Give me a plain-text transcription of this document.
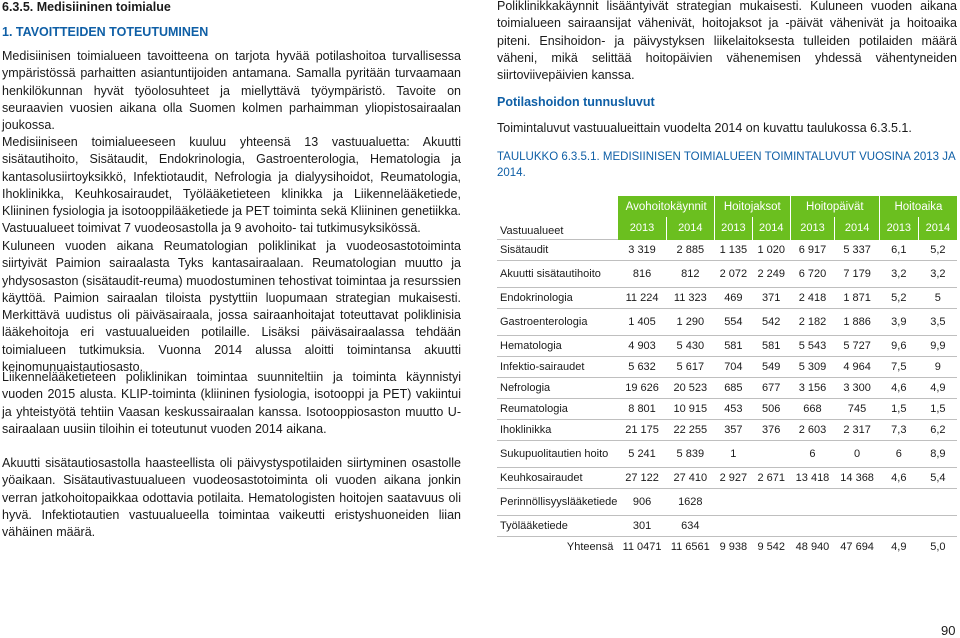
6.3.5. Medisiininen toimialue
1. TAVOITTEIDEN TOTEUTUMINEN

Medisiinisen toimialueen tavoitteena on tarjota hyvää potilashoitoa turvallisessa ympäristössä parhaitten asiantuntijoiden antamana. Samalla pyritään turvaamaan henkilökunnan hyvät työolosuhteet ja miellyttävä työympäristö. Tavoite on seuraavien vuosien aikana olla Suomen kolmen parhaimman yliopistosairaalan joukossa.

Medisiiniseen toimialueeseen kuuluu yhteensä 13 vastuualuetta: Akuutti sisätautihoito, Sisätaudit, Endokrinologia, Gastroenterologia, Hematologia ja kantasolusiirtoyksikkö, Infektiotaudit, Nefrologia ja dialyysihoidot, Reumatologia, Ihoklinikka, Keuhkosairaudet, Työlääketieteen klinikka ja Liikennelääketiede, Kliininen fysiologia ja isotooppilääketiede ja PET toiminta sekä Kliininen genetiikka. Vastuualueet toimivat 7 vuodeosastolla ja 9 avohoito- tai tutkimusyksikössä.

Kuluneen vuoden aikana Reumatologian poliklinikat ja vuodeosastotoiminta siirtyivät Paimion sairaalasta Tyks kantasairaalaan. Reumatologian muutto ja yhdysosaston (sisätaudit-reuma) muodostuminen tehostivat toimintaa ja resurssien käyttöä. Paimion sairaalan tiloista pystyttiin luopumaan strategian mukaisesti. Merkittävä uudistus oli päiväsairaala, jossa sairaanhoitajat toteuttavat poliklinisia lääkehoitoja eri vastuualueiden potilaille. Lisäksi päiväsairaalassa tehdään toimialueen tutkimuksia. Vuonna 2014 alussa aloitti toimintansa akuutti keinomunuaistautiosasto.

Liikennelääketieteen poliklinikan toimintaa suunniteltiin ja toiminta käynnistyi vuoden 2015 alusta. KLIP-toiminta (kliininen fysiologia, isotooppi ja PET) vakiintui ja yhteistyötä tehtiin Vaasan keskussairaalan kanssa. Isotooppiosaston muutto U-sairaalaan uusiin tiloihin ei toteutunut vuoden 2014 aikana.

Akuutti sisätautiosastolla haasteellista oli päivystyspotilaiden siirtyminen osastolle yöaikaan. Sisätautivastuualueen vuodeosastotoiminta oli vuoden aikana jonkin verran jatkohoitopaikkaa odottavia potilaita. Hematologisten hoitojen saatavuus oli hyvä. Infektiotautien vastuualueella toimintaa vaikeutti eristyshuoneiden liian vähäinen määrä.

Poliklinikkakäynnit lisääntyivät strategian mukaisesti. Kuluneen vuoden aikana toimialueen sairaansijat vähenivät, hoitojaksot ja -päivät vähenivät ja hoitoaika piteni. Ensihoidon- ja päivystyksen liikelaitoksesta tulleiden potilaiden määrä väheni, mikä selittää hoitopäivien vähenemisen yhdessä vähentyneiden siirtoviivepäivien kanssa.

Potilashoidon tunnusluvut

Toimintaluvut vastuualueittain vuodelta 2014 on kuvattu taulukossa 6.3.5.1.

TAULUKKO 6.3.5.1. MEDISIINISEN TOIMIALUEEN TOIMINTALUVUT VUOSINA 2013 JA 2014.
	Avohoitokäynnit		Hoitojaksot		Hoitopäivät		Hoitoaika	
Vastuualueet	2013	2014	2013	2014	2013	2014	2013	2014
Sisätaudit	3 319	2 885	1 135	1 020	6 917	5 337	6,1	5,2
Akuutti sisätautihoito	816	812	2 072	2 249	6 720	7 179	3,2	3,2
Endokrinologia	11 224	11 323	469	371	2 418	1 871	5,2	5
Gastroenterologia	1 405	1 290	554	542	2 182	1 886	3,9	3,5
Hematologia	4 903	5 430	581	581	5 543	5 727	9,6	9,9
Infektio-sairaudet	5 632	5 617	704	549	5 309	4 964	7,5	9
Nefrologia	19 626	20 523	685	677	3 156	3 300	4,6	4,9
Reumatologia	8 801	10 915	453	506	668	745	1,5	1,5
Ihoklinikka	21 175	22 255	357	376	2 603	2 317	7,3	6,2
Sukupuolitautien hoito	5 241	5 839	1		6	0	6	8,9
Keuhkosairaudet	27 122	27 410	2 927	2 671	13 418	14 368	4,6	5,4
Perinnöllisyyslääketiede	906	1628						
Työlääketiede	301	634						
Yhteensä	11 0471	11 6561	9 938	9 542	48 940	47 694	4,9	5,0
90
